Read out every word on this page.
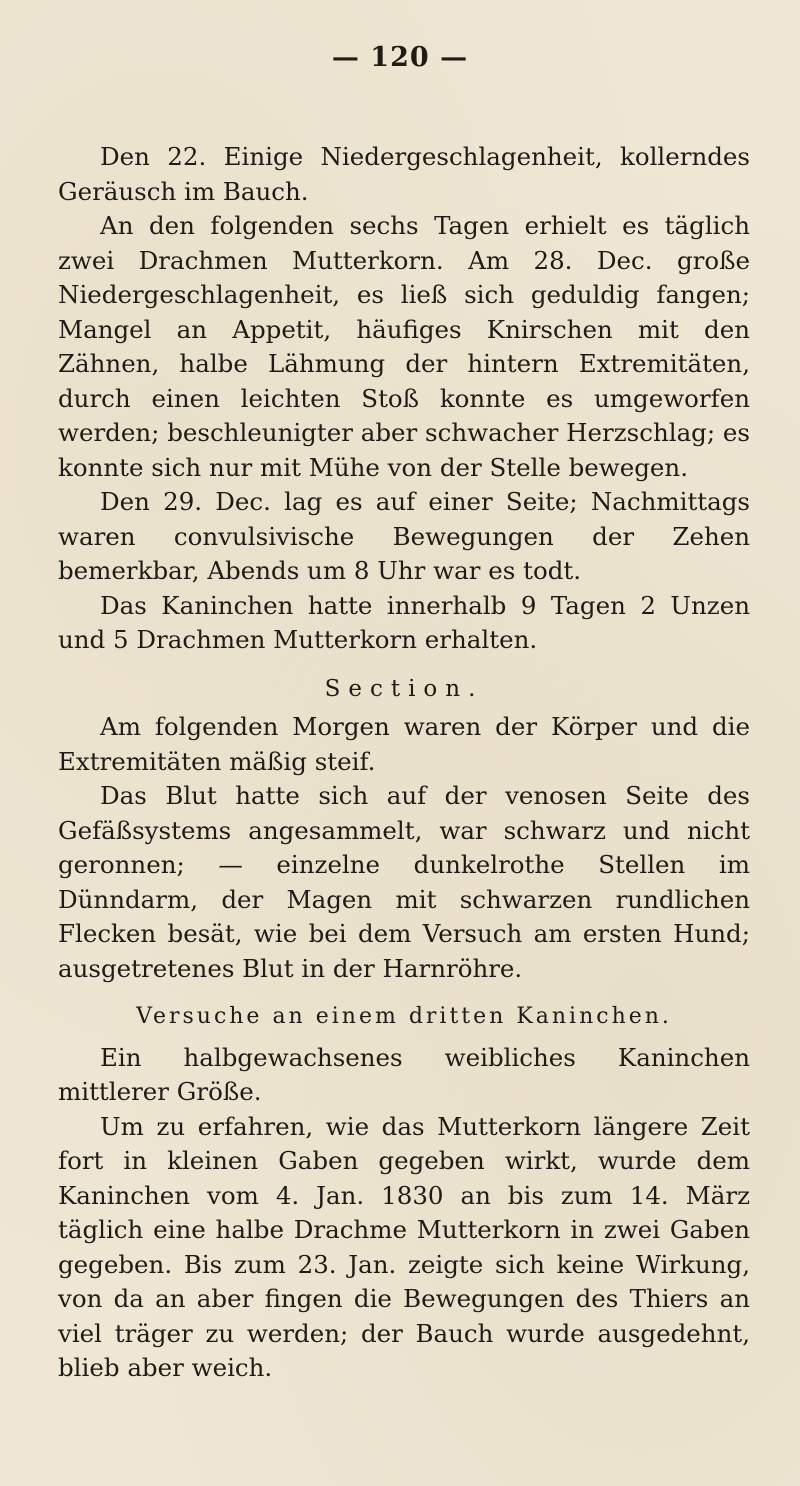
— 120 —

Den 22. Einige Niedergeschlagenheit, kollerndes Geräusch im Bauch.

An den folgenden sechs Tagen erhielt es täglich zwei Drachmen Mutterkorn. Am 28. Dec. große Niedergeschlagenheit, es ließ sich geduldig fangen; Mangel an Appetit, häufiges Knirschen mit den Zähnen, halbe Lähmung der hintern Extremitäten, durch einen leichten Stoß konnte es umgeworfen werden; beschleunigter aber schwacher Herzschlag; es konnte sich nur mit Mühe von der Stelle bewegen.

Den 29. Dec. lag es auf einer Seite; Nachmittags waren convulsivische Bewegungen der Zehen bemerkbar, Abends um 8 Uhr war es todt.

Das Kaninchen hatte innerhalb 9 Tagen 2 Unzen und 5 Drachmen Mutterkorn erhalten.

Section.

Am folgenden Morgen waren der Körper und die Extremitäten mäßig steif.

Das Blut hatte sich auf der venosen Seite des Gefäßsystems angesammelt, war schwarz und nicht geronnen; — einzelne dunkelrothe Stellen im Dünndarm, der Magen mit schwarzen rundlichen Flecken besät, wie bei dem Versuch am ersten Hund; ausgetretenes Blut in der Harnröhre.

Versuche an einem dritten Kaninchen.

Ein halbgewachsenes weibliches Kaninchen mittlerer Größe.

Um zu erfahren, wie das Mutterkorn längere Zeit fort in kleinen Gaben gegeben wirkt, wurde dem Kaninchen vom 4. Jan. 1830 an bis zum 14. März täglich eine halbe Drachme Mutterkorn in zwei Gaben gegeben. Bis zum 23. Jan. zeigte sich keine Wirkung, von da an aber fingen die Bewegungen des Thiers an viel träger zu werden; der Bauch wurde ausgedehnt, blieb aber weich.
